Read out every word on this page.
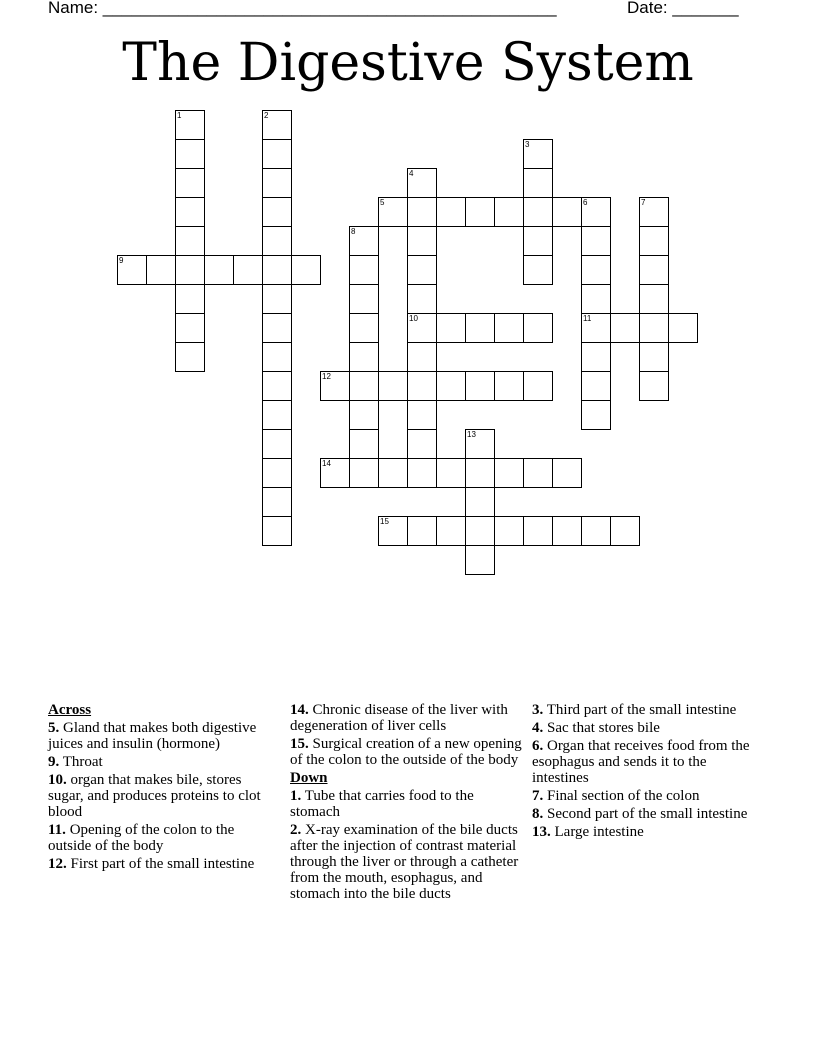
Name: ________________________________________________	Date: _______
The Digestive System
1	2
3
4
10
5	6
11
7
8
9
12
13
14
15
Across
5. Gland that makes both digestive juices and insulin (hormone)
9. Throat
10. organ that makes bile, stores sugar, and produces proteins to clot blood
11. Opening of the colon to the outside of the body
12. First part of the small intestine
14. Chronic disease of the liver with degeneration of liver cells
15. Surgical creation of a new opening of the colon to the outside of the body
Down
1. Tube that carries food to the stomach
2. X-ray examination of the bile ducts after the injection of contrast material through the liver or through a catheter from the mouth, esophagus, and stomach into the bile ducts
3. Third part of the small intestine
4. Sac that stores bile
6. Organ that receives food from the esophagus and sends it to the intestines
7. Final section of the colon
8. Second part of the small intestine
13. Large intestine
